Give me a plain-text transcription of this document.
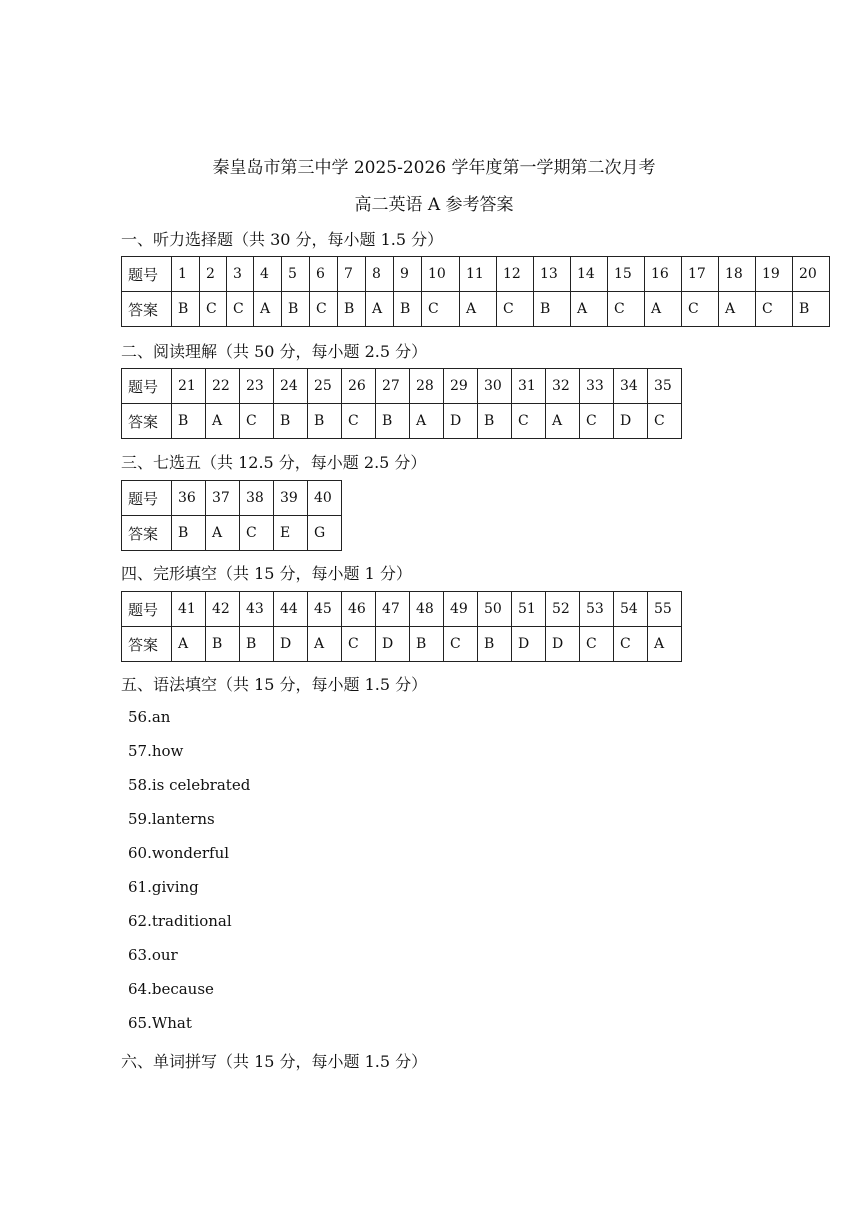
秦皇岛市第三中学 2025-2026 学年度第一学期第二次月考
高二英语 A 参考答案
一、听力选择题（共 30 分，每小题 1.5 分）
题号	1	2	3	4	5	6	7	8	9	10	11	12	13	14	15	16	17	18	19	20
答案	B	C	C	A	B	C	B	A	B	C	A	C	B	A	C	A	C	A	C	B
二、阅读理解（共 50 分，每小题 2.5 分）
题号	21	22	23	24	25	26	27	28	29	30	31	32	33	34	35
答案	B	A	C	B	B	C	B	A	D	B	C	A	C	D	C
三、七选五（共 12.5 分，每小题 2.5 分）
题号	36	37	38	39	40
答案	B	A	C	E	G
四、完形填空（共 15 分，每小题 1 分）
题号	41	42	43	44	45	46	47	48	49	50	51	52	53	54	55
答案	A	B	B	D	A	C	D	B	C	B	D	D	C	C	A
五、语法填空（共 15 分，每小题 1.5 分）
56.an
57.how
58.is celebrated
59.lanterns
60.wonderful
61.giving
62.traditional
63.our
64.because
65.What
六、单词拼写（共 15 分，每小题 1.5 分）
